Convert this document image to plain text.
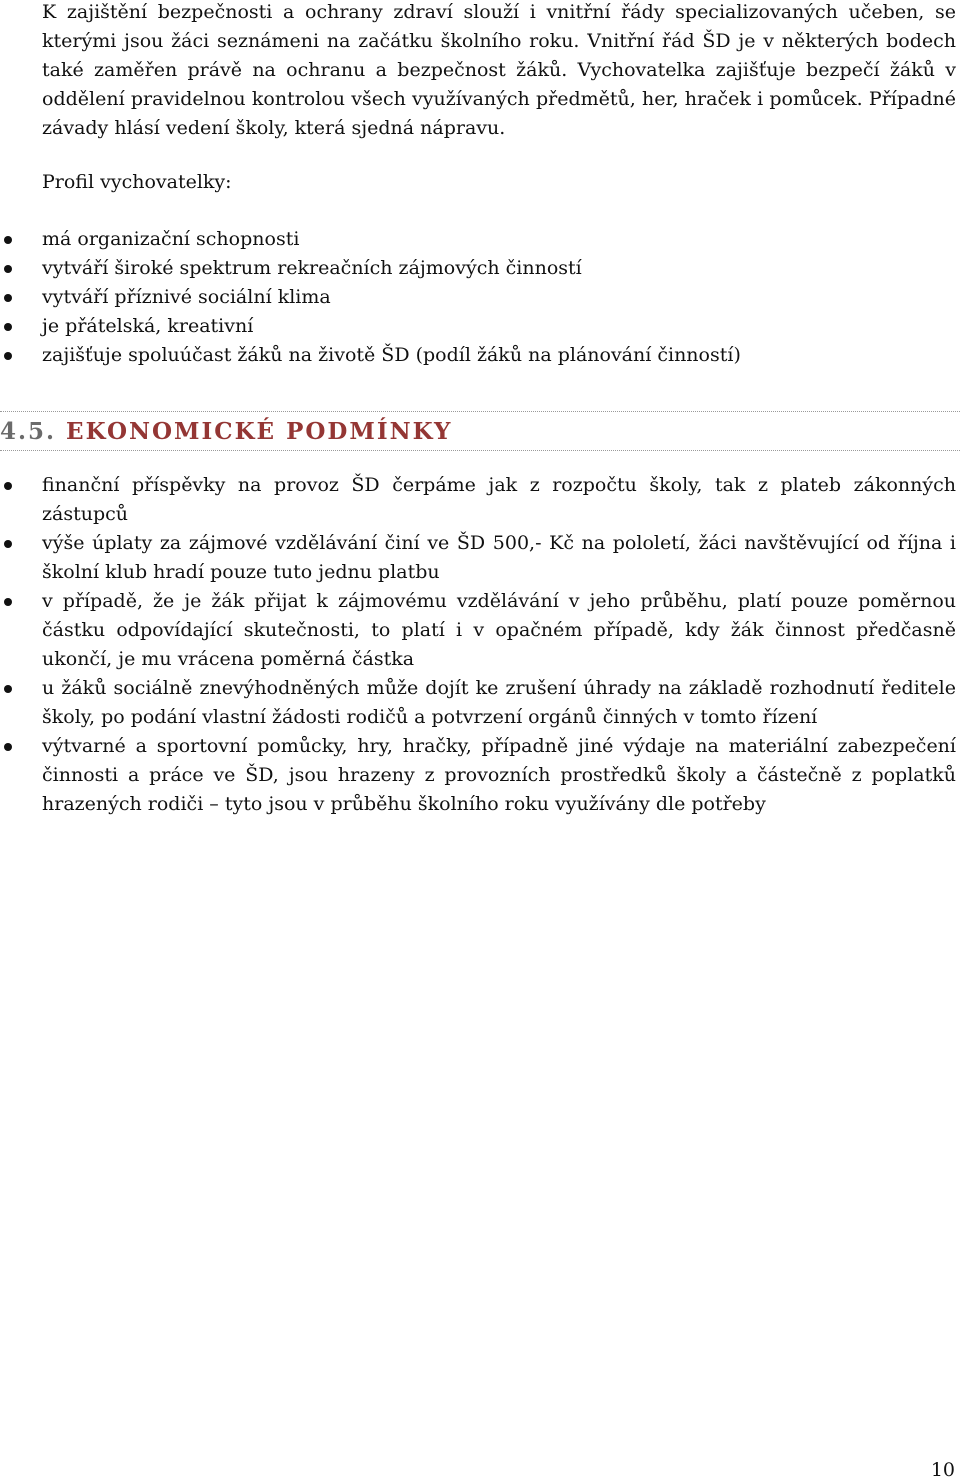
K zajištění bezpečnosti a ochrany zdraví slouží i vnitřní řády specializovaných učeben, se kterými jsou žáci seznámeni na začátku školního roku. Vnitřní řád ŠD je v některých bodech také zaměřen právě na ochranu a bezpečnost žáků. Vychovatelka zajišťuje bezpečí žáků v oddělení pravidelnou kontrolou všech využívaných předmětů, her, hraček i pomůcek. Případné závady hlásí vedení školy, která sjedná nápravu.

Profil vychovatelky:

má organizační schopnosti
vytváří široké spektrum rekreačních zájmových činností
vytváří příznivé sociální klima
je přátelská, kreativní
zajišťuje spoluúčast žáků na životě ŠD (podíl žáků na plánování činností)
4.5. EKONOMICKÉ PODMÍNKY
finanční příspěvky na provoz ŠD čerpáme jak z rozpočtu školy, tak z plateb zákonných zástupců
výše úplaty za zájmové vzdělávání činí ve ŠD 500,- Kč na pololetí, žáci navštěvující od října i školní klub hradí pouze tuto jednu platbu
v případě, že je žák přijat k zájmovému vzdělávání v jeho průběhu, platí pouze poměrnou částku odpovídající skutečnosti, to platí i v opačném případě, kdy žák činnost předčasně ukončí, je mu vrácena poměrná částka
u žáků sociálně znevýhodněných může dojít ke zrušení úhrady na základě rozhodnutí ředitele školy, po podání vlastní žádosti rodičů a potvrzení orgánů činných v tomto řízení
výtvarné a sportovní pomůcky, hry, hračky, případně jiné výdaje na materiální zabezpečení činnosti a práce ve ŠD, jsou hrazeny z provozních prostředků školy a částečně z poplatků hrazených rodiči – tyto jsou v průběhu školního roku využívány dle potřeby
10
